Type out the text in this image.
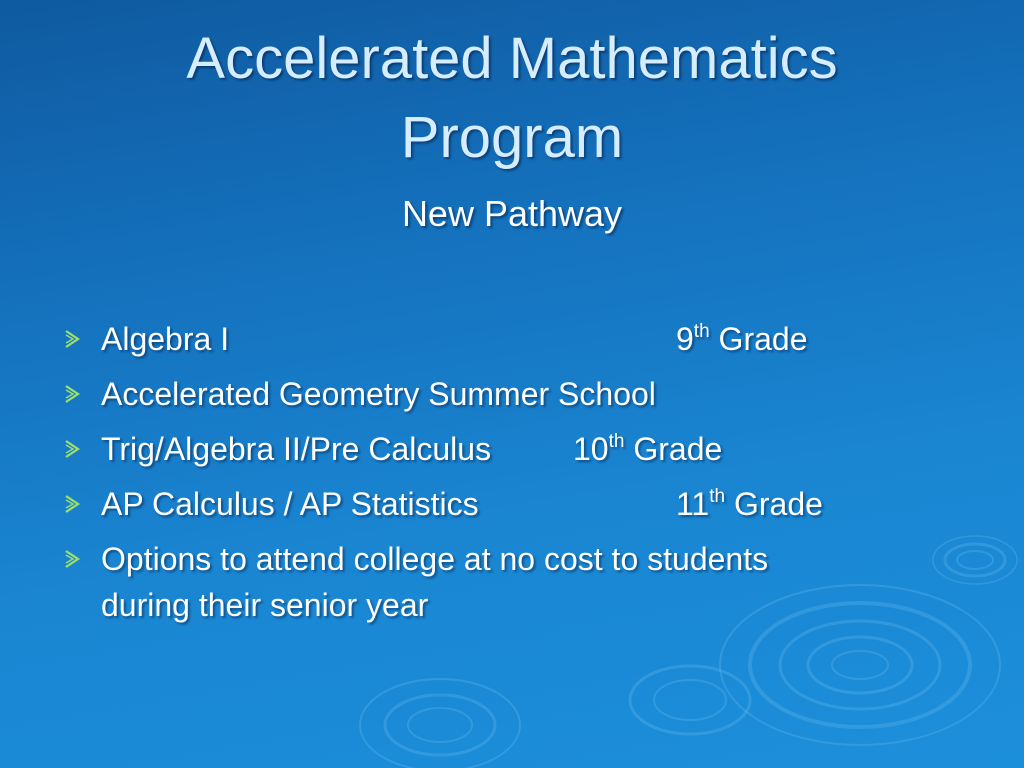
Accelerated Mathematics
Program
New Pathway
Algebra I	9th Grade
Accelerated Geometry Summer School
Trig/Algebra II/Pre Calculus	10th Grade
AP Calculus / AP Statistics	11th Grade
Options to attend college at no cost to students
during their senior year
